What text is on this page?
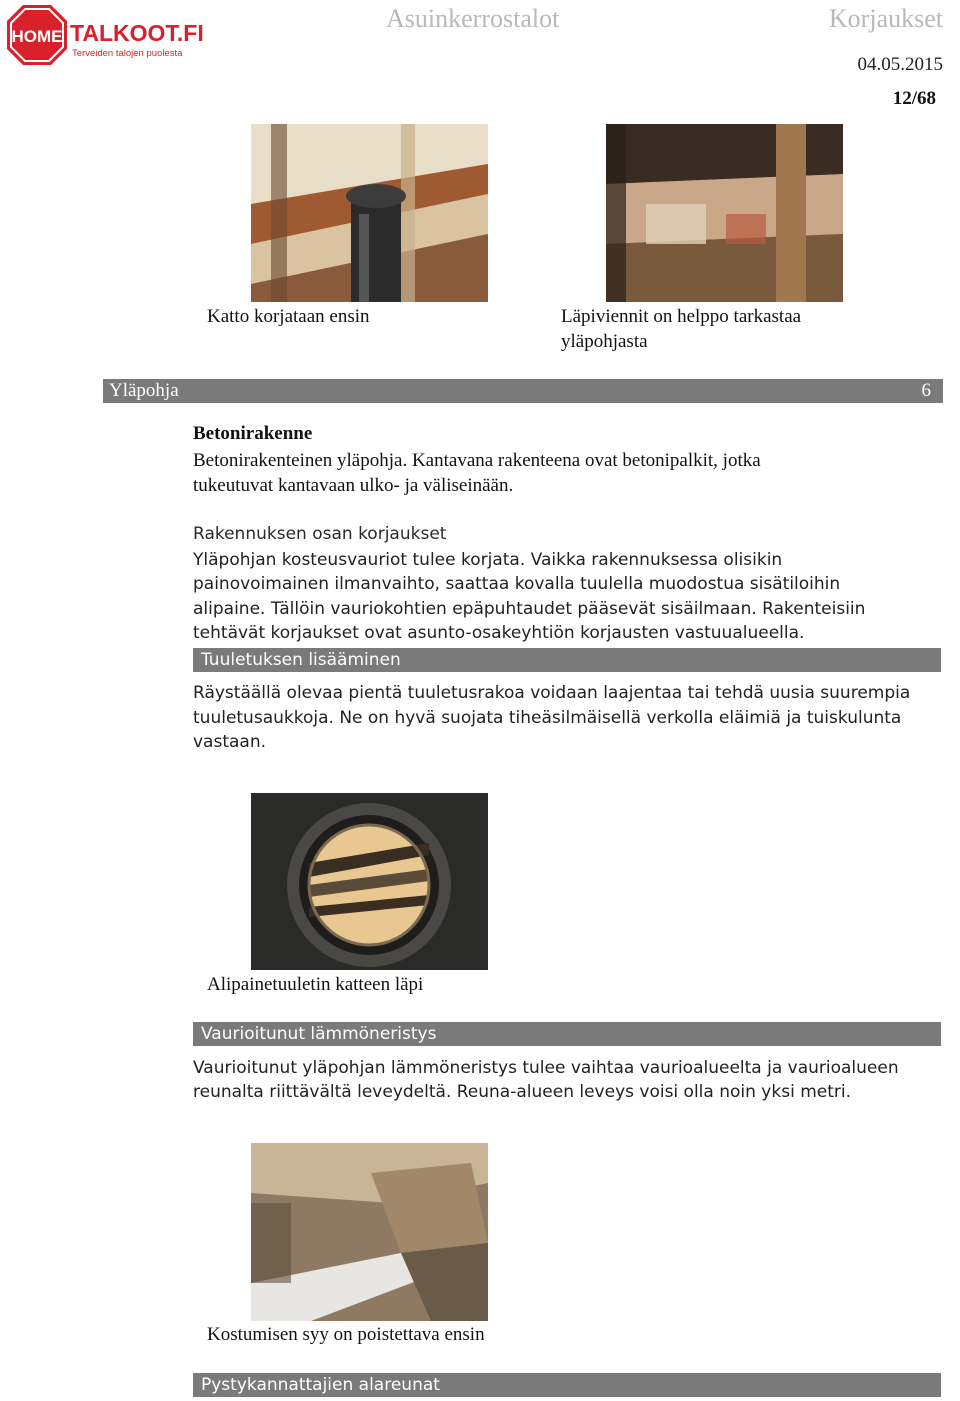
HOME TALKOOT.FI
Terveiden talojen puolesta
Asuinkerrostalot	Korjaukset
04.05.2015
12/68
Katto korjataan ensin	Läpiviennit on helppo tarkastaa
yläpohjasta
Yläpohja	6
Betonirakenne
Betonirakenteinen yläpohja. Kantavana rakenteena ovat betonipalkit, jotka
tukeutuvat kantavaan ulko- ja väliseinään.
Rakennuksen osan korjaukset
Yläpohjan kosteusvauriot tulee korjata. Vaikka rakennuksessa olisikin
painovoimainen ilmanvaihto, saattaa kovalla tuulella muodostua sisätiloihin
alipaine. Tällöin vauriokohtien epäpuhtaudet pääsevät sisäilmaan. Rakenteisiin
tehtävät korjaukset ovat asunto-osakeyhtiön korjausten vastuualueella.
Tuuletuksen lisääminen
Räystäällä olevaa pientä tuuletusrakoa voidaan laajentaa tai tehdä uusia suurempia
tuuletusaukkoja. Ne on hyvä suojata tiheäsilmäisellä verkolla eläimiä ja tuiskulunta
vastaan.
Alipainetuuletin katteen läpi
Vaurioitunut lämmöneristys
Vaurioitunut yläpohjan lämmöneristys tulee vaihtaa vaurioalueelta ja vaurioalueen
reunalta riittävältä leveydeltä. Reuna-alueen leveys voisi olla noin yksi metri.
Kostumisen syy on poistettava ensin
Pystykannattajien alareunat
